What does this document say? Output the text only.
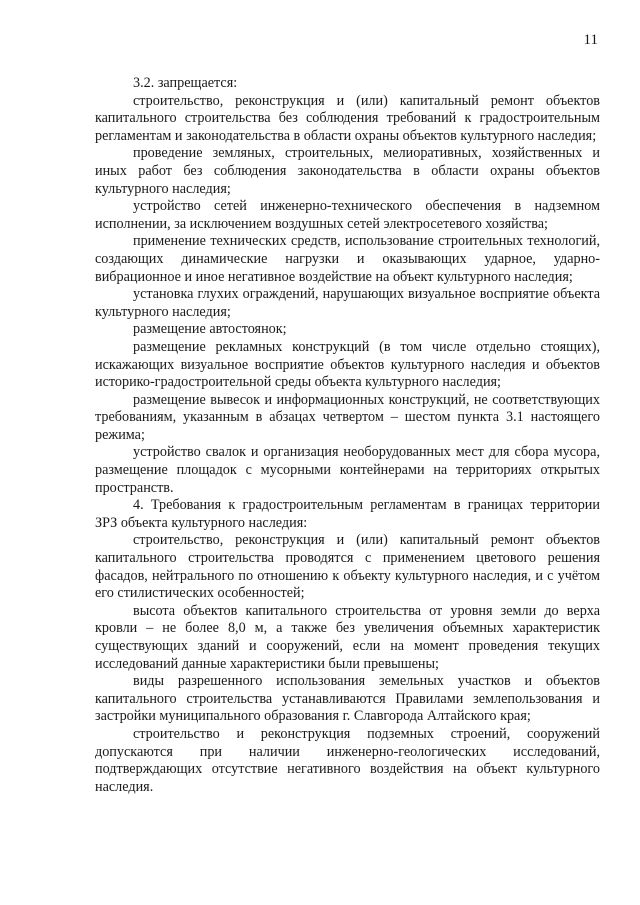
11

3.2. запрещается:

строительство, реконструкция и (или) капитальный ремонт объектов капитального строительства без соблюдения требований к градостроительным регламентам и законодательства в области охраны объектов культурного наследия;

проведение земляных, строительных, мелиоративных, хозяйственных и иных работ без соблюдения законодательства в области охраны объектов культурного наследия;

устройство сетей инженерно-технического обеспечения в надземном исполнении, за исключением воздушных сетей электросетевого хозяйства;

применение технических средств, использование строительных технологий, создающих динамические нагрузки и оказывающих ударное, ударно-вибрационное и иное негативное воздействие на объект культурного наследия;

установка глухих ограждений, нарушающих визуальное восприятие объекта культурного наследия;

размещение автостоянок;

размещение рекламных конструкций (в том числе отдельно стоящих), искажающих визуальное восприятие объектов культурного наследия и объектов историко-градостроительной среды объекта культурного наследия;

размещение вывесок и информационных конструкций, не соответствующих требованиям, указанным в абзацах четвертом – шестом пункта 3.1 настоящего режима;

устройство свалок и организация необорудованных мест для сбора мусора, размещение площадок с мусорными контейнерами на территориях открытых пространств.

4. Требования к градостроительным регламентам в границах территории ЗРЗ объекта культурного наследия:

строительство, реконструкция и (или) капитальный ремонт объектов капитального строительства проводятся с применением цветового решения фасадов, нейтрального по отношению к объекту культурного наследия, и с учётом его стилистических особенностей;

высота объектов капитального строительства от уровня земли до верха кровли – не более 8,0 м, а также без увеличения объемных характеристик существующих зданий и сооружений, если на момент проведения текущих исследований данные характеристики были превышены;

виды разрешенного использования земельных участков и объектов капитального строительства устанавливаются Правилами землепользования и застройки муниципального образования г. Славгорода Алтайского края;

строительство и реконструкция подземных строений, сооружений допускаются при наличии инженерно-геологических исследований, подтверждающих отсутствие негативного воздействия на объект культурного наследия.
